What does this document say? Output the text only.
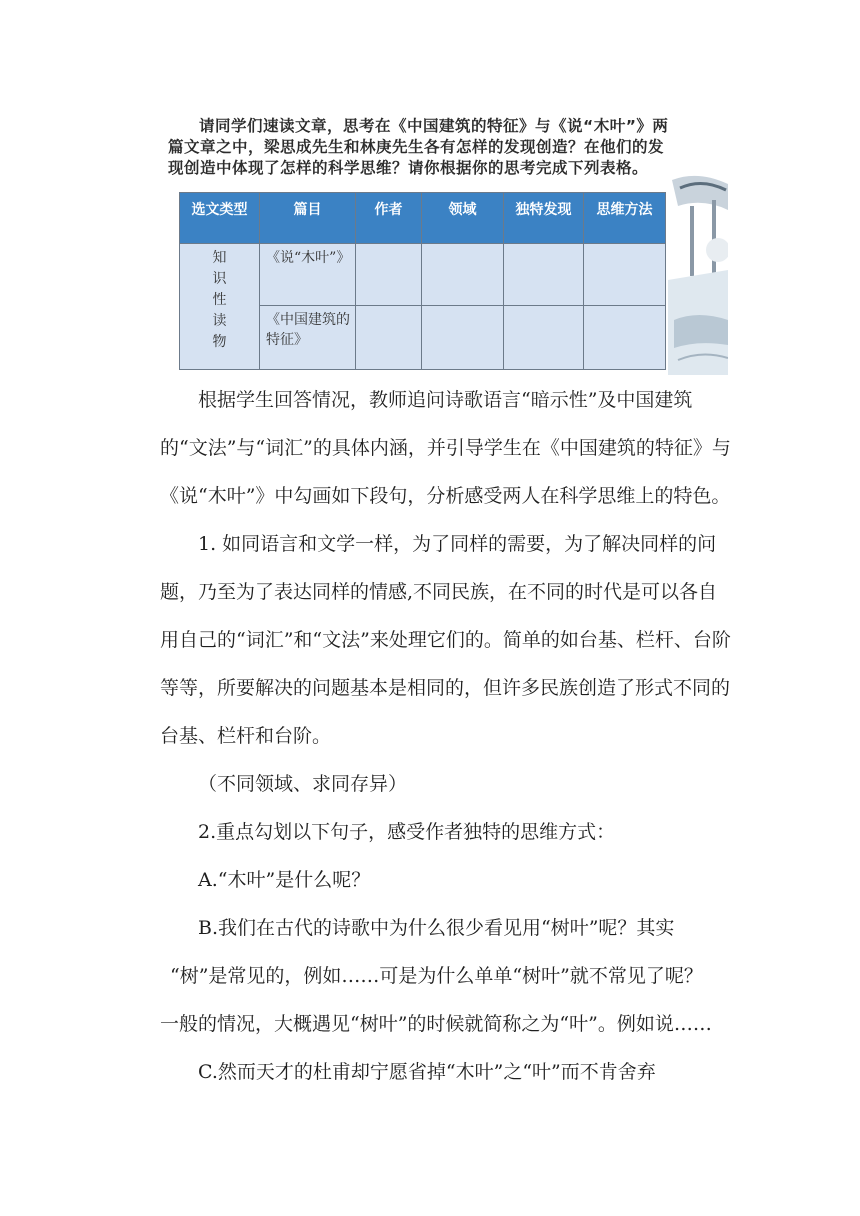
请同学们速读文章，思考在《中国建筑的特征》与《说“木叶”》两篇文章之中，梁思成先生和林庚先生各有怎样的发现创造？在他们的发现创造中体现了怎样的科学思维？请你根据你的思考完成下列表格。
选文类型	篇目	作者	领域	独特发现	思维方法
知识性读物	《说“木叶”》				
	《中国建筑的特征》				

根据学生回答情况，教师追问诗歌语言“暗示性”及中国建筑的“文法”与“词汇”的具体内涵，并引导学生在《中国建筑的特征》与《说“木叶”》中勾画如下段句，分析感受两人在科学思维上的特色。

1. 如同语言和文学一样，为了同样的需要，为了解决同样的问题，乃至为了表达同样的情感,不同民族，在不同的时代是可以各自用自己的“词汇”和“文法”来处理它们的。简单的如台基、栏杆、台阶等等，所要解决的问题基本是相同的，但许多民族创造了形式不同的台基、栏杆和台阶。

（不同领域、求同存异）

2.重点勾划以下句子，感受作者独特的思维方式：

A.“木叶”是什么呢？

B.我们在古代的诗歌中为什么很少看见用“树叶”呢？其实

“树”是常见的，例如……可是为什么单单“树叶”就不常见了呢？

一般的情况，大概遇见“树叶”的时候就简称之为“叶”。例如说……

C.然而天才的杜甫却宁愿省掉“木叶”之“叶”而不肯舍弃
